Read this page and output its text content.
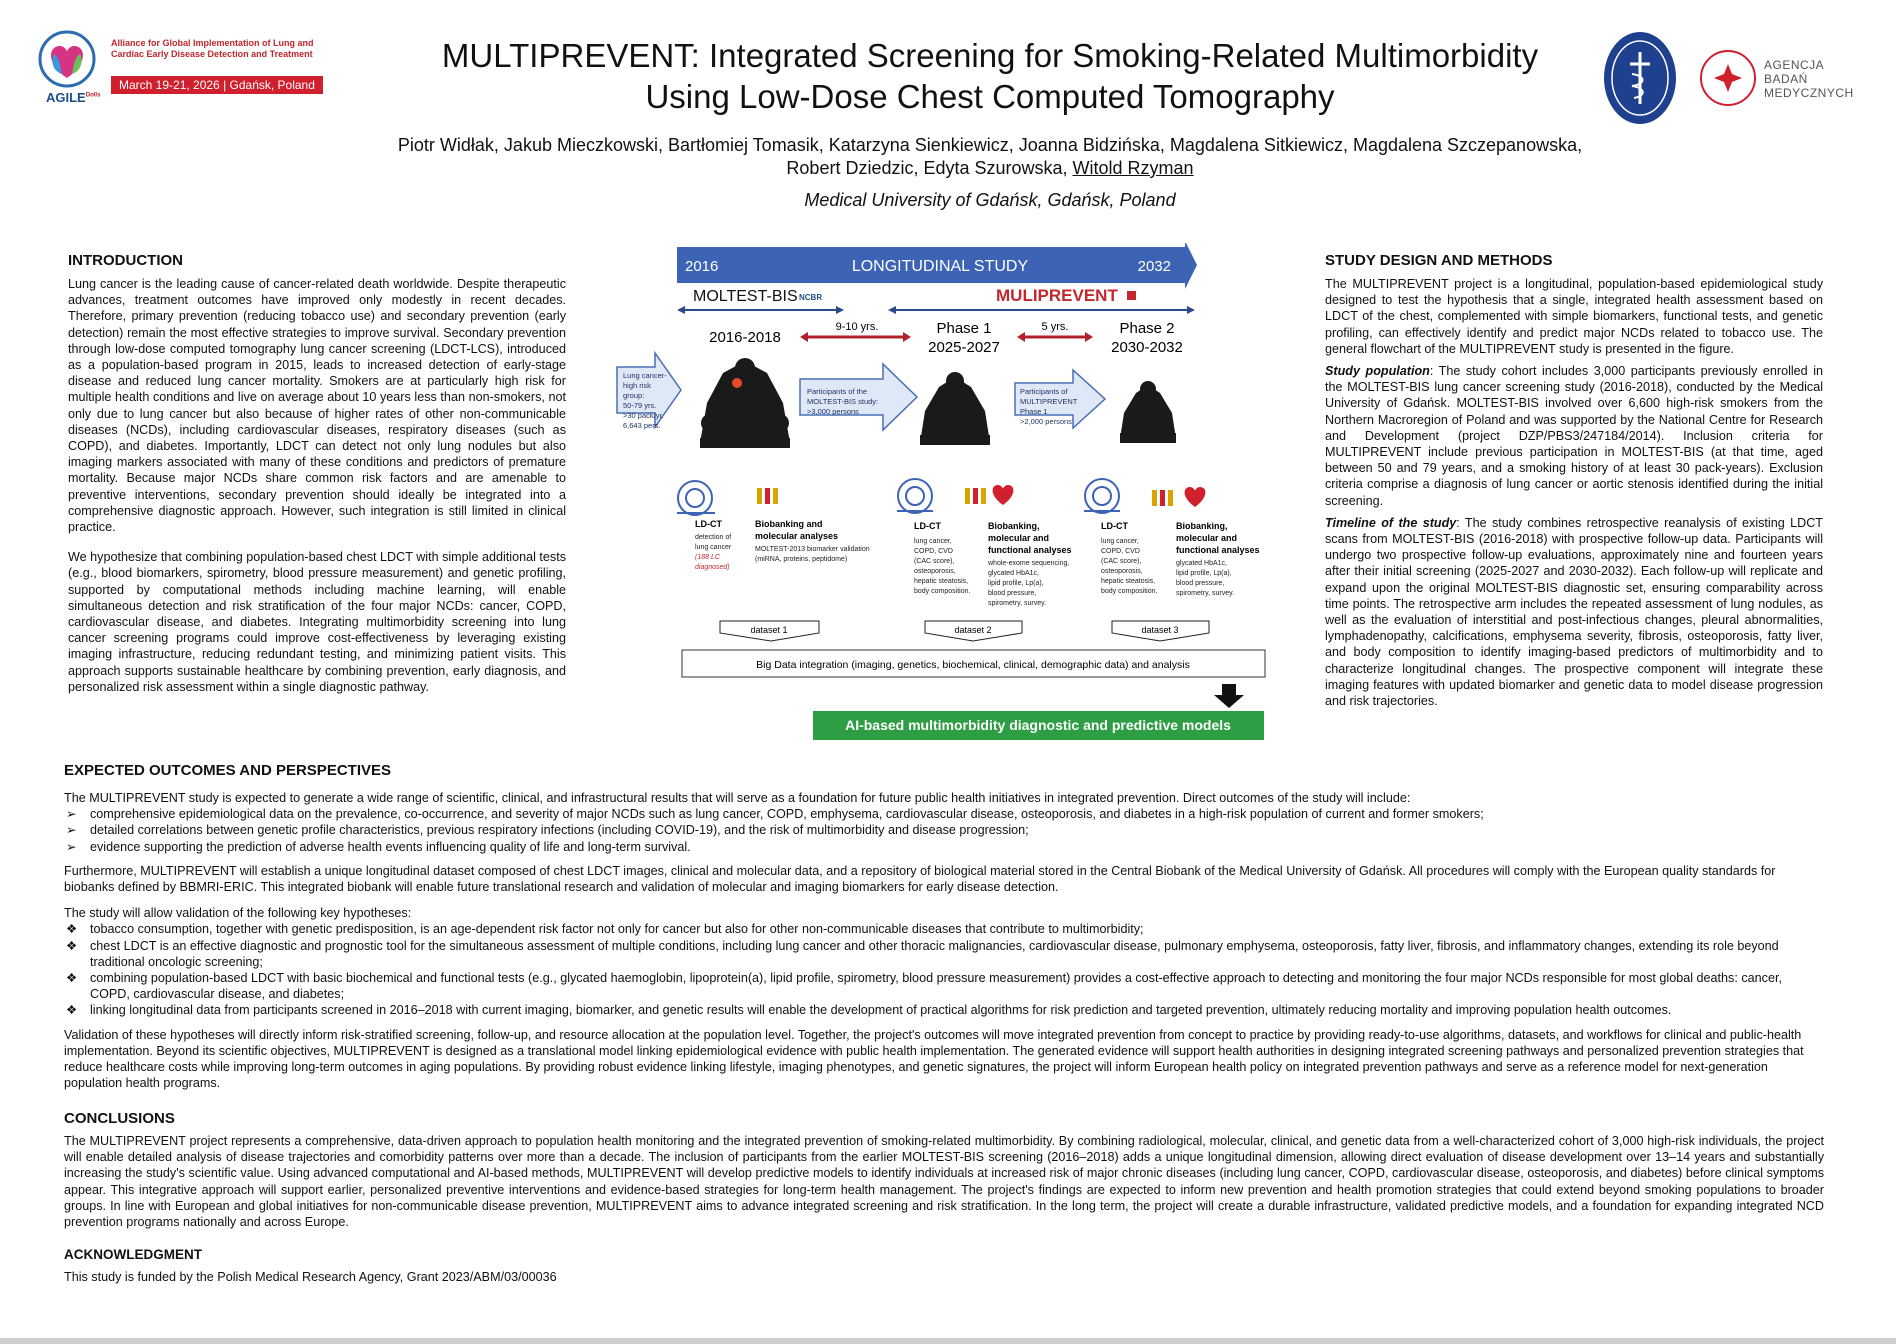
$AGILE^{Dolls}$
Alliance for Global Implementation of Lung and Cardiac Early Disease Detection and Treatment
March 19-21, 2026 | Gdańsk, Poland
MULTIPREVENT: Integrated Screening for Smoking-Related Multimorbidity
Using Low-Dose Chest Computed Tomography
Piotr Widłak, Jakub Mieczkowski, Bartłomiej Tomasik, Katarzyna Sienkiewicz, Joanna Bidzińska, Magdalena Sitkiewicz, Magdalena Szczepanowska,
Robert Dziedzic, Edyta Szurowska, Witold Rzyman
Medical University of Gdańsk, Gdańsk, Poland
AGENCJA
BADAŃ
MEDYCZNYCH
INTRODUCTION

Lung cancer is the leading cause of cancer-related death worldwide. Despite therapeutic advances, treatment outcomes have improved only modestly in recent decades. Therefore, primary prevention (reducing tobacco use) and secondary prevention (early detection) remain the most effective strategies to improve survival. Secondary prevention through low-dose computed tomography lung cancer screening (LDCT-LCS), introduced as a population-based program in 2015, leads to increased detection of early-stage disease and reduced lung cancer mortality. Smokers are at particularly high risk for multiple health conditions and live on average about 10 years less than non-smokers, not only due to lung cancer but also because of higher rates of other non-communicable diseases (NCDs), including cardiovascular diseases, respiratory diseases (such as COPD), and diabetes. Importantly, LDCT can detect not only lung nodules but also imaging markers associated with many of these conditions and predictors of premature mortality. Because major NCDs share common risk factors and are amenable to preventive interventions, secondary prevention should ideally be integrated into a comprehensive diagnostic approach. However, such integration is still limited in clinical practice.

We hypothesize that combining population-based chest LDCT with simple additional tests (e.g., blood biomarkers, spirometry, blood pressure measurement) and genetic profiling, supported by computational methods including machine learning, will enable simultaneous detection and risk stratification of the four major NCDs: cancer, COPD, cardiovascular disease, and diabetes. Integrating multimorbidity screening into lung cancer screening programs could improve cost-effectiveness by leveraging existing imaging infrastructure, reducing redundant testing, and minimizing patient visits. This approach supports sustainable healthcare by combining prevention, early diagnosis, and personalized risk assessment within a single diagnostic pathway.

2016	LONGITUDINAL STUDY	2032
MOLTEST-BIS NCBR	MULIPREVENT
2016-2018
9-10 yrs.	Phase 1
2025-2027
5 yrs.	Phase 2
2030-2032
Lung cancer-
high risk
group:
50-79 yrs.
>30 pack/yr.
6,643 pers.
Participants of the
MOLTEST-BIS study:
>3,000 persons
Participants of
MULTIPREVENT
Phase 1
>2,000 persons
LD-CT
detection of
lung cancer
(188 LC
diagnosed)
Biobanking and
molecular analyses
MOLTEST-2013 biomarker validation
(miRNA, proteins, peptidome)
LD-CT
lung cancer,
COPD, CVD
(CAC score),
osteoporosis,
hepatic steatosis,
body composition.
Biobanking,
molecular and
functional analyses
whole-exome sequencing,
glycated HbA1c,
lipid profile, Lp(a),
blood pressure,
spirometry, survey.
LD-CT
lung cancer,
COPD, CVD
(CAC score),
osteoporosis,
hepatic steatosis,
body composition.
Biobanking,
molecular and
functional analyses
glycated HbA1c,
lipid profile, Lp(a),
blood pressure,
spirometry, survey.
dataset 1	dataset 2	dataset 3
Big Data integration (imaging, genetics, biochemical, clinical, demographic data) and analysis
AI-based multimorbidity diagnostic and predictive models
STUDY DESIGN AND METHODS

The MULTIPREVENT project is a longitudinal, population-based epidemiological study designed to test the hypothesis that a single, integrated health assessment based on LDCT of the chest, complemented with simple biomarkers, functional tests, and genetic profiling, can effectively identify and predict major NCDs related to tobacco use. The general flowchart of the MULTIPREVENT study is presented in the figure.

Study population: The study cohort includes 3,000 participants previously enrolled in the MOLTEST-BIS lung cancer screening study (2016-2018), conducted by the Medical University of Gdańsk. MOLTEST-BIS involved over 6,600 high-risk smokers from the Northern Macroregion of Poland and was supported by the National Centre for Research and Development (project DZP/PBS3/247184/2014). Inclusion criteria for MULTIPREVENT include previous participation in MOLTEST-BIS (at that time, aged between 50 and 79 years, and a smoking history of at least 30 pack-years). Exclusion criteria comprise a diagnosis of lung cancer or aortic stenosis identified during the initial screening.

Timeline of the study: The study combines retrospective reanalysis of existing LDCT scans from MOLTEST-BIS (2016-2018) with prospective follow-up data. Participants will undergo two prospective follow-up evaluations, approximately nine and fourteen years after their initial screening (2025-2027 and 2030-2032). Each follow-up will replicate and expand upon the original MOLTEST-BIS diagnostic set, ensuring comparability across time points. The retrospective arm includes the repeated assessment of lung nodules, as well as the evaluation of interstitial and post-infectious changes, pleural abnormalities, lymphadenopathy, calcifications, emphysema severity, fibrosis, osteoporosis, fatty liver, and body composition to identify imaging-based predictors of multimorbidity and to characterize longitudinal changes. The prospective component will integrate these imaging features with updated biomarker and genetic data to model disease progression and risk trajectories.

EXPECTED OUTCOMES AND PERSPECTIVES

The MULTIPREVENT study is expected to generate a wide range of scientific, clinical, and infrastructural results that will serve as a foundation for future public health initiatives in integrated prevention. Direct outcomes of the study will include:

➢ comprehensive epidemiological data on the prevalence, co-occurrence, and severity of major NCDs such as lung cancer, COPD, emphysema, cardiovascular disease, osteoporosis, and diabetes in a high-risk population of current and former smokers;
➢ detailed correlations between genetic profile characteristics, previous respiratory infections (including COVID-19), and the risk of multimorbidity and disease progression;
➢ evidence supporting the prediction of adverse health events influencing quality of life and long-term survival.

Furthermore, MULTIPREVENT will establish a unique longitudinal dataset composed of chest LDCT images, clinical and molecular data, and a repository of biological material stored in the Central Biobank of the Medical University of Gdańsk. All procedures will comply with the European quality standards for biobanks defined by BBMRI-ERIC. This integrated biobank will enable future translational research and validation of molecular and imaging biomarkers for early disease detection.

The study will allow validation of the following key hypotheses:

❖ tobacco consumption, together with genetic predisposition, is an age-dependent risk factor not only for cancer but also for other non-communicable diseases that contribute to multimorbidity;
❖ chest LDCT is an effective diagnostic and prognostic tool for the simultaneous assessment of multiple conditions, including lung cancer and other thoracic malignancies, cardiovascular disease, pulmonary emphysema, osteoporosis, fatty liver, fibrosis, and inflammatory changes, extending its role beyond traditional oncologic screening;
❖ combining population-based LDCT with basic biochemical and functional tests (e.g., glycated haemoglobin, lipoprotein(a), lipid profile, spirometry, blood pressure measurement) provides a cost-effective approach to detecting and monitoring the four major NCDs responsible for most global deaths: cancer, COPD, cardiovascular disease, and diabetes;
❖ linking longitudinal data from participants screened in 2016–2018 with current imaging, biomarker, and genetic results will enable the development of practical algorithms for risk prediction and targeted prevention, ultimately reducing mortality and improving population health outcomes.

Validation of these hypotheses will directly inform risk-stratified screening, follow-up, and resource allocation at the population level. Together, the project's outcomes will move integrated prevention from concept to practice by providing ready-to-use algorithms, datasets, and workflows for clinical and public-health implementation. Beyond its scientific objectives, MULTIPREVENT is designed as a translational model linking epidemiological evidence with public health implementation. The generated evidence will support health authorities in designing integrated screening pathways and personalized prevention strategies that reduce healthcare costs while improving long-term outcomes in aging populations. By providing robust evidence linking lifestyle, imaging phenotypes, and genetic signatures, the project will inform European health policy on integrated prevention pathways and serve as a reference model for next-generation population health programs.

CONCLUSIONS
The MULTIPREVENT project represents a comprehensive, data-driven approach to population health monitoring and the integrated prevention of smoking-related multimorbidity. By combining radiological, molecular, clinical, and genetic data from a well-characterized cohort of 3,000 high-risk individuals, the project will enable detailed analysis of disease trajectories and comorbidity patterns over more than a decade. The inclusion of participants from the earlier MOLTEST-BIS screening (2016–2018) adds a unique longitudinal dimension, allowing direct evaluation of disease development over 13–14 years and substantially increasing the study's scientific value. Using advanced computational and AI-based methods, MULTIPREVENT will develop predictive models to identify individuals at increased risk of major chronic diseases (including lung cancer, COPD, cardiovascular disease, osteoporosis, and diabetes) before clinical symptoms appear. This integrative approach will support earlier, personalized preventive interventions and evidence-based strategies for long-term health management. The project's findings are expected to inform new prevention and health promotion strategies that could extend beyond smoking populations to broader groups. In line with European and global initiatives for non-communicable disease prevention, MULTIPREVENT aims to advance integrated screening and risk stratification. In the long term, the project will create a durable infrastructure, validated predictive models, and a foundation for expanding integrated NCD prevention programs nationally and across Europe.
ACKNOWLEDGMENT
This study is funded by the Polish Medical Research Agency, Grant 2023/ABM/03/00036
